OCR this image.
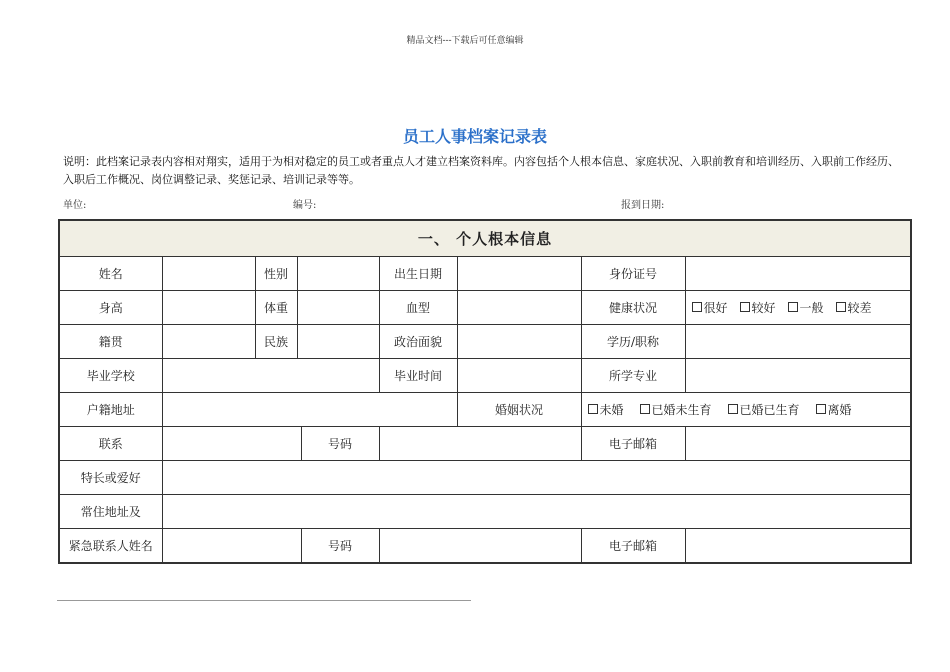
精品文档---下载后可任意编辑
员工人事档案记录表
说明：此档案记录表内容相对翔实，适用于为相对稳定的员工或者重点人才建立档案资料库。内容包括个人根本信息、家庭状况、入职前教育和培训经历、入职前工作经历、入职后工作概况、岗位调整记录、奖惩记录、培训记录等等。
单位:	编号:	报到日期:
一、 个人根本信息								
姓名		性别			出生日期		身份证号	
身高		体重			血型		健康状况	很好 较好 一般 较差
籍贯		民族			政治面貌		学历/职称	
毕业学校					毕业时间		所学专业	
户籍地址						婚姻状况	未婚 已婚未生育 已婚已生育 离婚	
联系				号码			电子邮箱	
特长或爱好								
常住地址及								
紧急联系人姓名				号码			电子邮箱	
